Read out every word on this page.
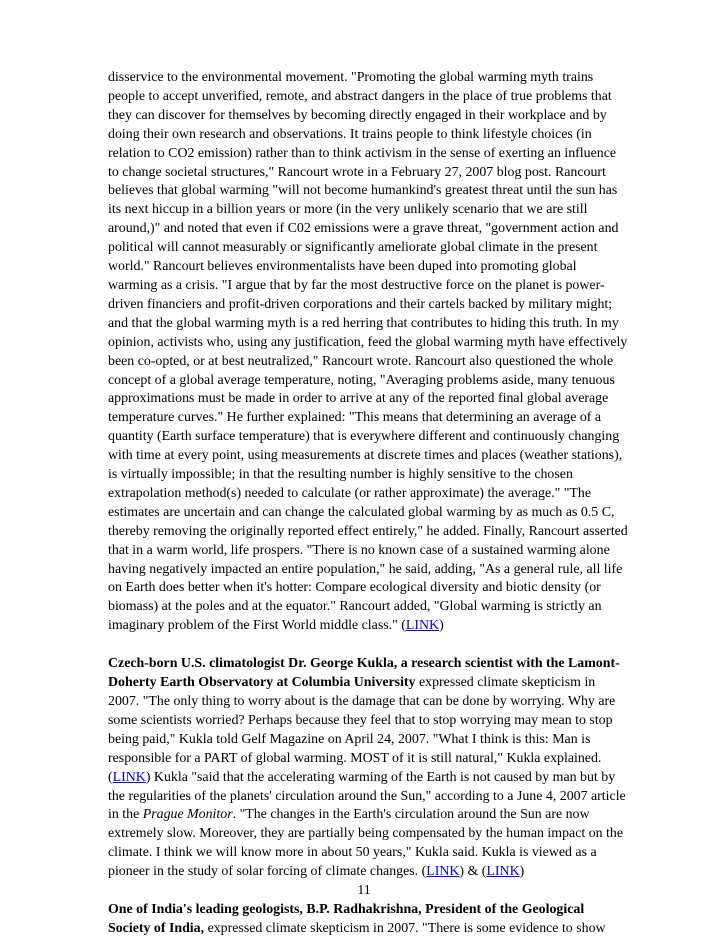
disservice to the environmental movement. "Promoting the global warming myth trains people to accept unverified, remote, and abstract dangers in the place of true problems that they can discover for themselves by becoming directly engaged in their workplace and by doing their own research and observations. It trains people to think lifestyle choices (in relation to CO2 emission) rather than to think activism in the sense of exerting an influence to change societal structures," Rancourt wrote in a February 27, 2007 blog post. Rancourt believes that global warming "will not become humankind's greatest threat until the sun has its next hiccup in a billion years or more (in the very unlikely scenario that we are still around,)" and noted that even if C02 emissions were a grave threat, "government action and political will cannot measurably or significantly ameliorate global climate in the present world." Rancourt believes environmentalists have been duped into promoting global warming as a crisis. "I argue that by far the most destructive force on the planet is power-driven financiers and profit-driven corporations and their cartels backed by military might; and that the global warming myth is a red herring that contributes to hiding this truth. In my opinion, activists who, using any justification, feed the global warming myth have effectively been co-opted, or at best neutralized," Rancourt wrote. Rancourt also questioned the whole concept of a global average temperature, noting, "Averaging problems aside, many tenuous approximations must be made in order to arrive at any of the reported final global average temperature curves." He further explained: "This means that determining an average of a quantity (Earth surface temperature) that is everywhere different and continuously changing with time at every point, using measurements at discrete times and places (weather stations), is virtually impossible; in that the resulting number is highly sensitive to the chosen extrapolation method(s) needed to calculate (or rather approximate) the average." "The estimates are uncertain and can change the calculated global warming by as much as 0.5 C, thereby removing the originally reported effect entirely," he added. Finally, Rancourt asserted that in a warm world, life prospers. "There is no known case of a sustained warming alone having negatively impacted an entire population," he said, adding, "As a general rule, all life on Earth does better when it's hotter: Compare ecological diversity and biotic density (or biomass) at the poles and at the equator." Rancourt added, "Global warming is strictly an imaginary problem of the First World middle class." (LINK)

Czech-born U.S. climatologist Dr. George Kukla, a research scientist with the Lamont-Doherty Earth Observatory at Columbia University expressed climate skepticism in 2007. "The only thing to worry about is the damage that can be done by worrying. Why are some scientists worried? Perhaps because they feel that to stop worrying may mean to stop being paid," Kukla told Gelf Magazine on April 24, 2007. "What I think is this: Man is responsible for a PART of global warming. MOST of it is still natural," Kukla explained. (LINK) Kukla "said that the accelerating warming of the Earth is not caused by man but by the regularities of the planets' circulation around the Sun," according to a June 4, 2007 article in the Prague Monitor. "The changes in the Earth's circulation around the Sun are now extremely slow. Moreover, they are partially being compensated by the human impact on the climate. I think we will know more in about 50 years," Kukla said. Kukla is viewed as a pioneer in the study of solar forcing of climate changes. (LINK) & (LINK)

One of India's leading geologists, B.P. Radhakrishna, President of the Geological Society of India, expressed climate skepticism in 2007. "There is some evidence to show

11
